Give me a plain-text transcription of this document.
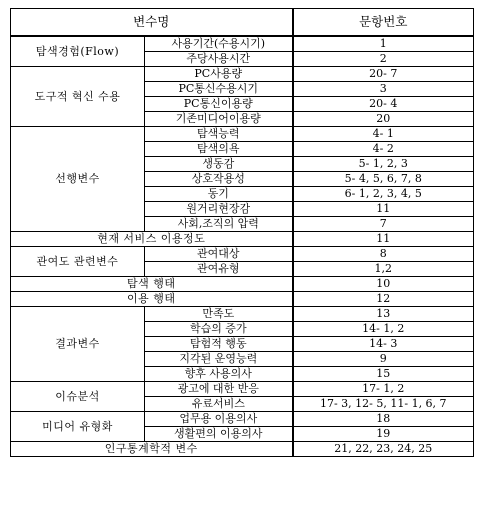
변수명		문항번호
탐색경험(Flow)	사용기간(수용시기)	1
	주당사용시간	2
도구적 혁신 수용	PC사용량	20- 7
	PC통신수용시기	3
	PC통신이용량	20- 4
	기존미디어이용량	20
선행변수	탐색능력	4- 1
	탐색의욕	4- 2
	생동감	5- 1, 2, 3
	상호작용성	5- 4, 5, 6, 7, 8
	동기	6- 1, 2, 3, 4, 5
	원거리현장감	11
	사회,조직의 압력	7
현재 서비스 이용정도		11
관여도 관련변수	관여대상	8
	관여유형	1,2
탐색 행태		10
이용 행태		12
결과변수	만족도	13
	학습의 증가	14- 1, 2
	탐험적 행동	14- 3
	지각된 운영능력	9
	향후 사용의사	15
이슈분석	광고에 대한 반응	17- 1, 2
	유료서비스	17- 3, 12- 5, 11- 1, 6, 7
미디어 유형화	업무용 이용의사	18
	생활편의 이용의사	19
인구통계학적 변수		21, 22, 23, 24, 25
